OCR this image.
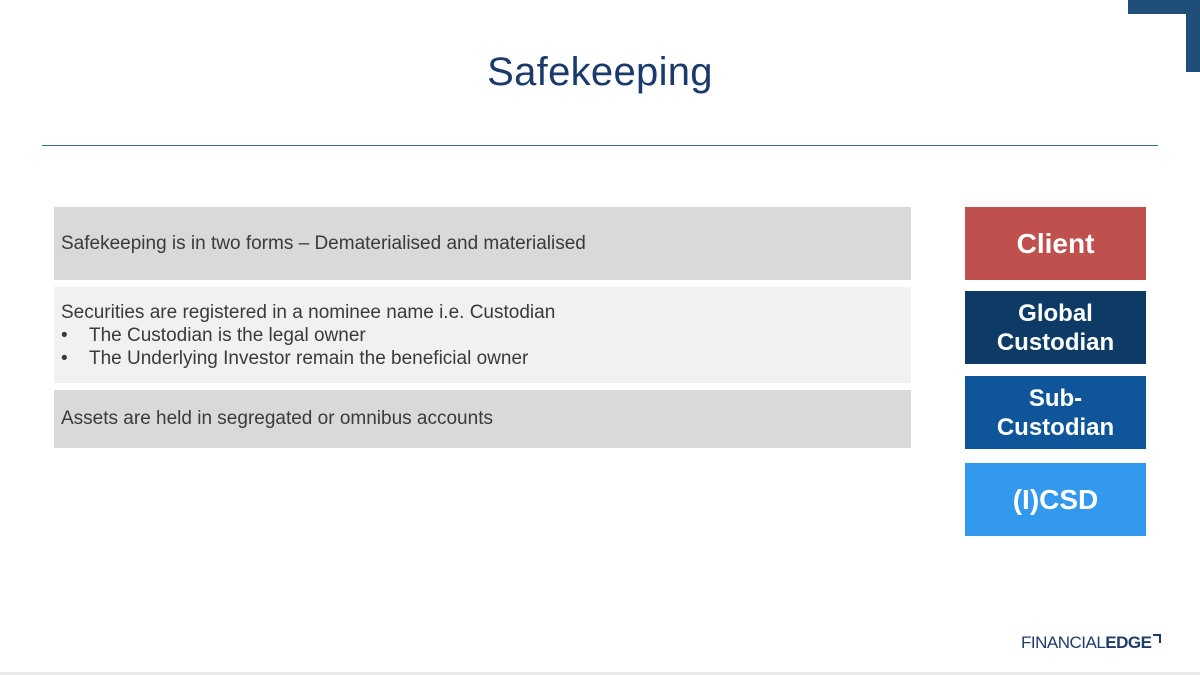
Safekeeping
Safekeeping is in two forms – Dematerialised and materialised
Securities are registered in a nominee name i.e. Custodian
•	The Custodian is the legal owner
•	The Underlying Investor remain the beneficial owner
Assets are held in segregated or omnibus accounts
Client
Global
Custodian
Sub-
Custodian
(I)CSD
FINANCIAL EDGE
